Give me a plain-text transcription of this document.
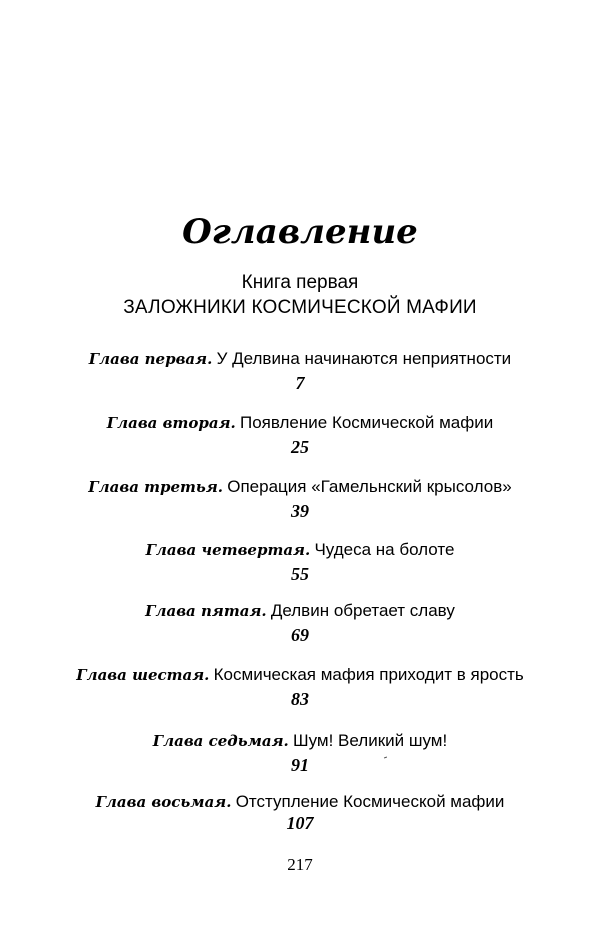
Оглавление
Книга первая
ЗАЛОЖНИКИ КОСМИЧЕСКОЙ МАФИИ
Глава первая. У Делвина начинаются неприятности
7
Глава вторая. Появление Космической мафии
25
Глава третья. Операция «Гамельнский крысолов»
39
Глава четвертая. Чудеса на болоте
55
Глава пятая. Делвин обретает славу
69
Глава шестая. Космическая мафия приходит в ярость
83
Глава седьмая. Шум! Великий шум!
91
Глава восьмая. Отступление Космической мафии
107
217
